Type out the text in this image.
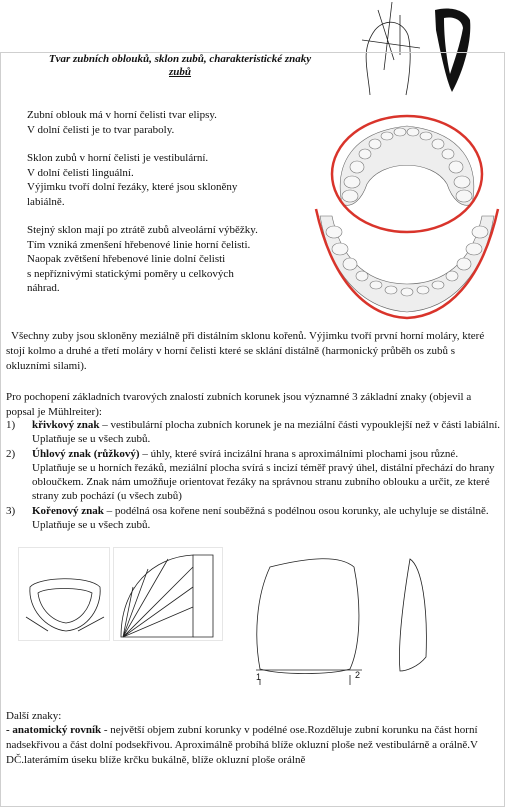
Tvar zubních oblouků, sklon zubů, charakteristické znaky
zubů

Zubní oblouk má v horní čelisti tvar elipsy.

V dolní čelisti je to tvar paraboly.

Sklon zubů v horní čelisti je vestibulární.

V dolní čelisti linguální.

Výjimku tvoří dolní řezáky, které jsou skloněny

labiálně.

Stejný sklon mají po ztrátě zubů alveolární výběžky.

Tím vzniká zmenšení hřebenové linie horní čelisti.

Naopak zvětšení hřebenové linie dolní čelisti

s nepříznivými statickými poměry u celkových

náhrad.

Všechny zuby jsou skloněny meziálně při distálním sklonu kořenů. Výjimku tvoří první horní moláry, které stojí kolmo a druhé a třetí moláry v horní čelisti které se sklání distálně (harmonický průběh os zubů s okluzními silami).
Pro pochopení základních tvarových znalostí zubních korunek jsou významné 3 základní znaky (objevil a popsal je Mühlreiter):
1) křivkový znak – vestibulární plocha zubních korunek je na meziální části vypouklejší než v části labiální. Uplatňuje se u všech zubů.
2) Úhlový znak (růžkový) – úhly, které svírá incizální hrana s aproximálními plochami jsou různé. Uplatňuje se u horních řezáků, meziální plocha svírá s incizí téměř pravý úhel, distální přechází do hrany obloučkem. Znak nám umožňuje orientovat řezáky na správnou stranu zubního oblouku a určit, ze které strany zub pochází (u všech zubů)
3) Kořenový znak – podélná osa kořene není souběžná s podélnou osou korunky, ale uchyluje se distálně. Uplatňuje se u všech zubů.
1	2
Další znaky:
- anatomický rovník - největší objem zubní korunky v podélné ose.Rozděluje zubní korunku na část horní nadsekřivou a část dolní podsekřivou. Aproximálně probíhá blíže okluzní ploše než vestibulárně a orálně.V DČ.laterámím úseku blíže krčku bukálně, blíže okluzní ploše orálně
